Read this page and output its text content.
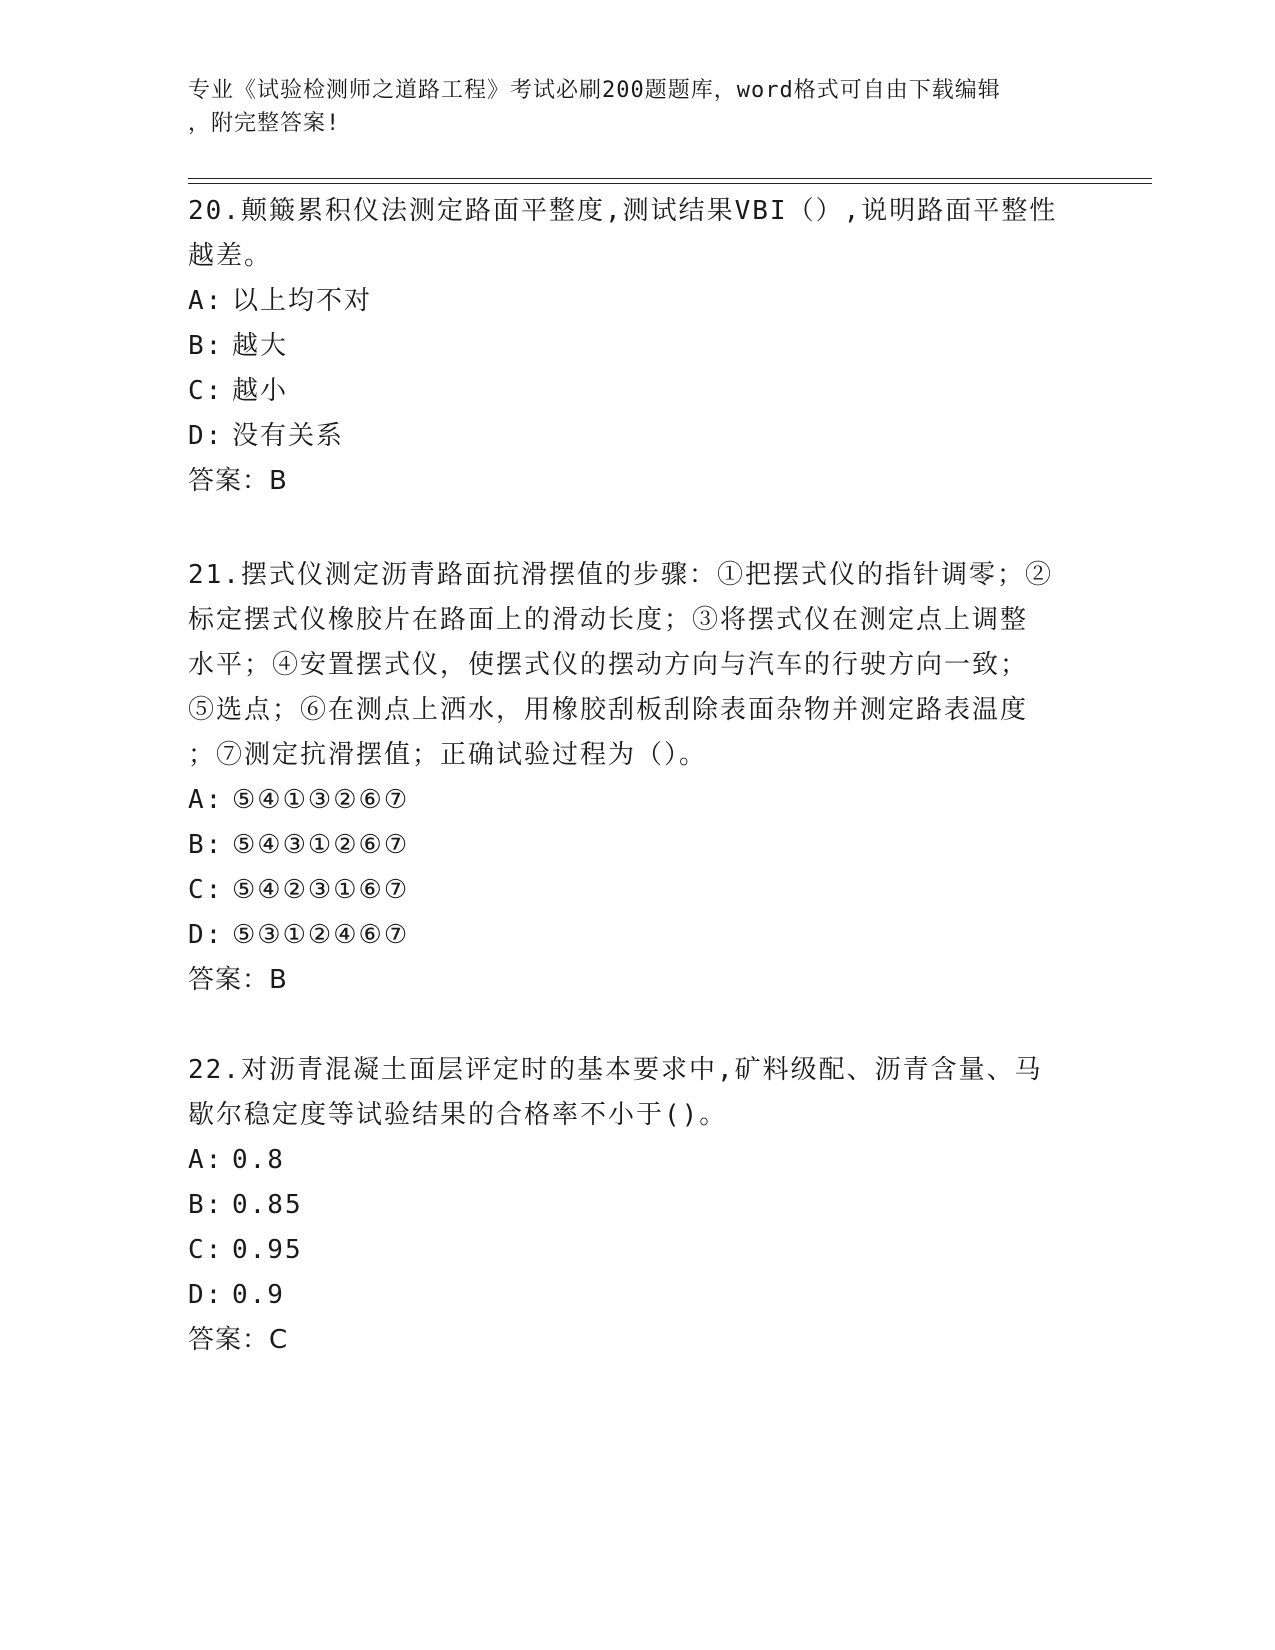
专业《试验检测师之道路工程》考试必刷200题题库，word格式可自由下载编辑
，附完整答案!
20.颠簸累积仪法测定路面平整度,测试结果VBI（）,说明路面平整性
越差。
A: 以上均不对
B: 越大
C: 越小
D: 没有关系
答案：B
21.摆式仪测定沥青路面抗滑摆值的步骤：①把摆式仪的指针调零；②
标定摆式仪橡胶片在路面上的滑动长度；③将摆式仪在测定点上调整
水平；④安置摆式仪，使摆式仪的摆动方向与汽车的行驶方向一致；
⑤选点；⑥在测点上洒水，用橡胶刮板刮除表面杂物并测定路表温度
；⑦测定抗滑摆值；正确试验过程为（）。
A: ⑤④①③②⑥⑦
B: ⑤④③①②⑥⑦
C: ⑤④②③①⑥⑦
D: ⑤③①②④⑥⑦
答案：B
22.对沥青混凝土面层评定时的基本要求中,矿料级配、沥青含量、马
歇尔稳定度等试验结果的合格率不小于()。
A: 0.8
B: 0.85
C: 0.95
D: 0.9
答案：C
